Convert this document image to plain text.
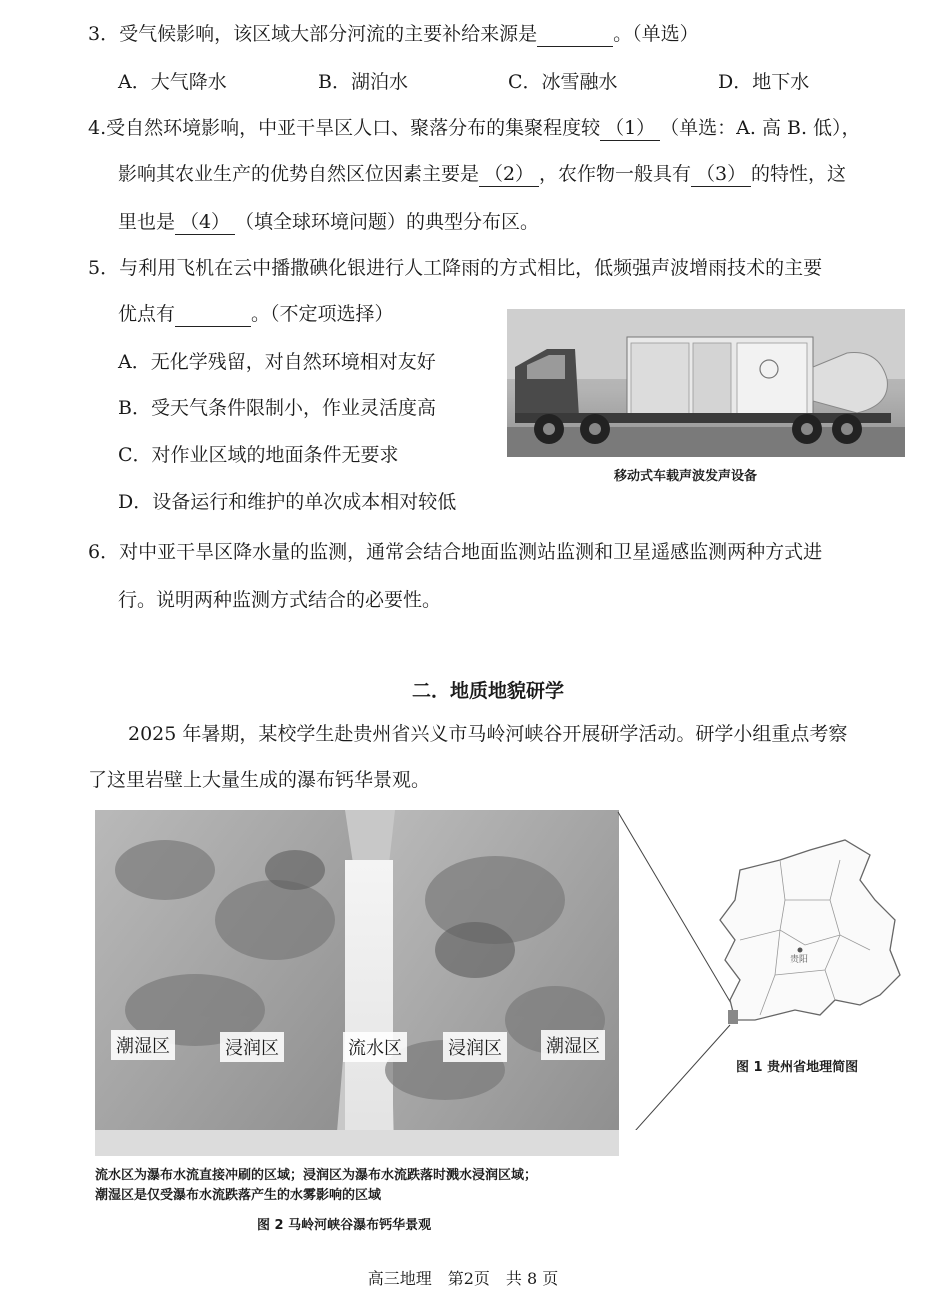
3．受气候影响，该区域大部分河流的主要补给来源是	。（单选）
A．大气降水	B．湖泊水	C．冰雪融水	D．地下水
4.受自然环境影响，中亚干旱区人口、聚落分布的集聚程度较 （1） （单选：A. 高 B. 低），
影响其农业生产的优势自然区位因素主要是 （2） ，农作物一般具有 （3） 的特性，这
里也是 （4） （填全球环境问题）的典型分布区。
5．与利用飞机在云中播撒碘化银进行人工降雨的方式相比，低频强声波增雨技术的主要
优点有	。（不定项选择）
A．无化学残留，对自然环境相对友好
B．受天气条件限制小，作业灵活度高
C．对作业区域的地面条件无要求
D．设备运行和维护的单次成本相对较低
移动式车载声波发声设备
6．对中亚干旱区降水量的监测，通常会结合地面监测站监测和卫星遥感监测两种方式进
行。说明两种监测方式结合的必要性。
二．地质地貌研学
2025 年暑期，某校学生赴贵州省兴义市马岭河峡谷开展研学活动。研学小组重点考察
了这里岩壁上大量生成的瀑布钙华景观。
潮湿区	浸润区	流水区	浸润区 潮湿区
流水区为瀑布水流直接冲刷的区域；浸润区为瀑布水流跌落时溅水浸润区域；
潮湿区是仅受瀑布水流跌落产生的水雾影响的区域
图 2 马岭河峡谷瀑布钙华景观
贵阳
图 1 贵州省地理简图
高三地理　第2页　共 8 页
